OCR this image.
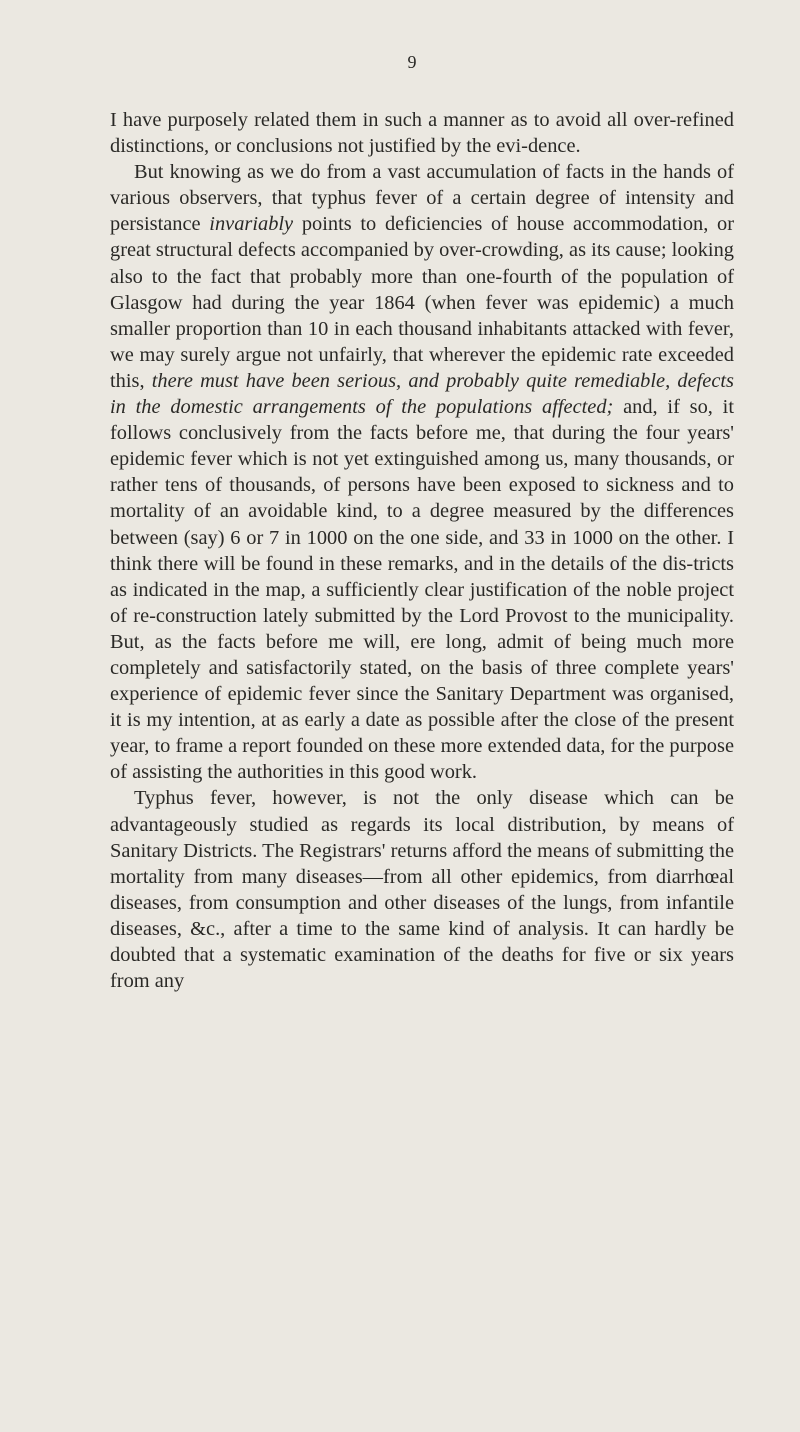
9

I have purposely related them in such a manner as to avoid all over-refined distinctions, or conclusions not justified by the evi-dence.

But knowing as we do from a vast accumulation of facts in the hands of various observers, that typhus fever of a certain degree of intensity and persistance invariably points to deficiencies of house accommodation, or great structural defects accompanied by over-crowding, as its cause; looking also to the fact that probably more than one-fourth of the population of Glasgow had during the year 1864 (when fever was epidemic) a much smaller proportion than 10 in each thousand inhabitants attacked with fever, we may surely argue not unfairly, that wherever the epidemic rate exceeded this, there must have been serious, and probably quite remediable, defects in the domestic arrangements of the populations affected; and, if so, it follows conclusively from the facts before me, that during the four years' epidemic fever which is not yet extinguished among us, many thousands, or rather tens of thousands, of persons have been exposed to sickness and to mortality of an avoidable kind, to a degree measured by the differences between (say) 6 or 7 in 1000 on the one side, and 33 in 1000 on the other. I think there will be found in these remarks, and in the details of the dis-tricts as indicated in the map, a sufficiently clear justification of the noble project of re-construction lately submitted by the Lord Provost to the municipality. But, as the facts before me will, ere long, admit of being much more completely and satisfactorily stated, on the basis of three complete years' experience of epidemic fever since the Sanitary Department was organised, it is my intention, at as early a date as possible after the close of the present year, to frame a report founded on these more extended data, for the purpose of assisting the authorities in this good work.

Typhus fever, however, is not the only disease which can be advantageously studied as regards its local distribution, by means of Sanitary Districts. The Registrars' returns afford the means of submitting the mortality from many diseases—from all other epidemics, from diarrhœal diseases, from consumption and other diseases of the lungs, from infantile diseases, &c., after a time to the same kind of analysis. It can hardly be doubted that a systematic examination of the deaths for five or six years from any
